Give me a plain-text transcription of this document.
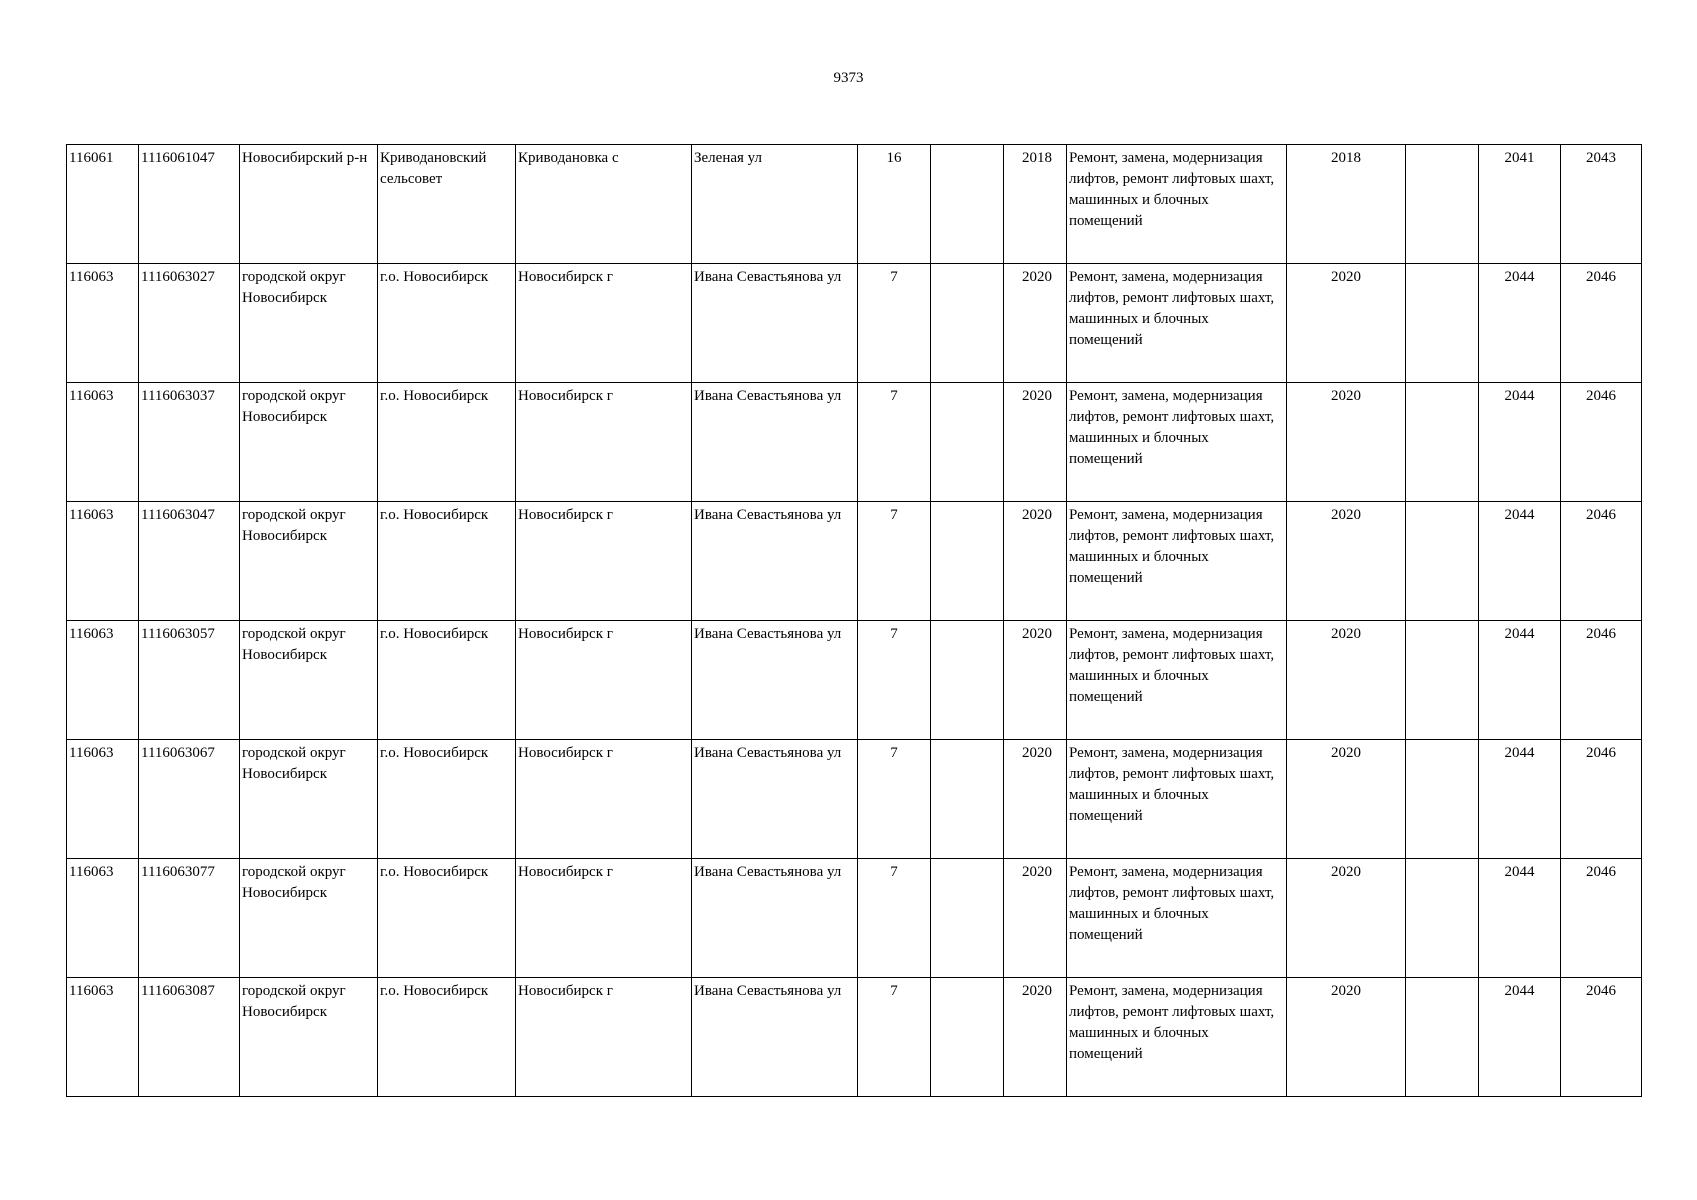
9373
116061	1116061047	Новосибирский р-н	Криводановский сельсовет	Криводановка с	Зеленая ул	16		2018	Ремонт, замена, модернизация лифтов, ремонт лифтовых шахт, машинных и блочных помещений	2018		2041	2043
116063	1116063027	городской округ Новосибирск	г.о. Новосибирск	Новосибирск г	Ивана Севастьянова ул	7		2020	Ремонт, замена, модернизация лифтов, ремонт лифтовых шахт, машинных и блочных помещений	2020		2044	2046
116063	1116063037	городской округ Новосибирск	г.о. Новосибирск	Новосибирск г	Ивана Севастьянова ул	7		2020	Ремонт, замена, модернизация лифтов, ремонт лифтовых шахт, машинных и блочных помещений	2020		2044	2046
116063	1116063047	городской округ Новосибирск	г.о. Новосибирск	Новосибирск г	Ивана Севастьянова ул	7		2020	Ремонт, замена, модернизация лифтов, ремонт лифтовых шахт, машинных и блочных помещений	2020		2044	2046
116063	1116063057	городской округ Новосибирск	г.о. Новосибирск	Новосибирск г	Ивана Севастьянова ул	7		2020	Ремонт, замена, модернизация лифтов, ремонт лифтовых шахт, машинных и блочных помещений	2020		2044	2046
116063	1116063067	городской округ Новосибирск	г.о. Новосибирск	Новосибирск г	Ивана Севастьянова ул	7		2020	Ремонт, замена, модернизация лифтов, ремонт лифтовых шахт, машинных и блочных помещений	2020		2044	2046
116063	1116063077	городской округ Новосибирск	г.о. Новосибирск	Новосибирск г	Ивана Севастьянова ул	7		2020	Ремонт, замена, модернизация лифтов, ремонт лифтовых шахт, машинных и блочных помещений	2020		2044	2046
116063	1116063087	городской округ Новосибирск	г.о. Новосибирск	Новосибирск г	Ивана Севастьянова ул	7		2020	Ремонт, замена, модернизация лифтов, ремонт лифтовых шахт, машинных и блочных помещений	2020		2044	2046
